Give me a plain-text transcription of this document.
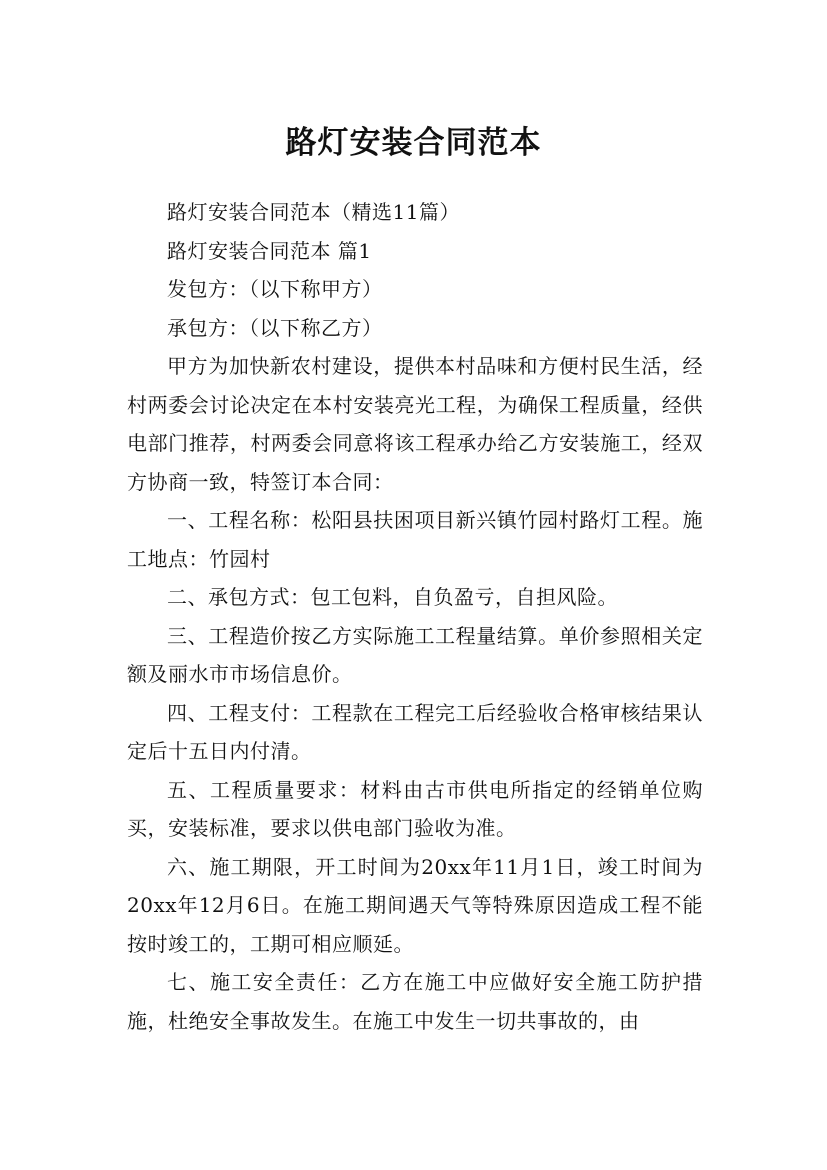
路灯安装合同范本

路灯安装合同范本（精选11篇）

路灯安装合同范本 篇1

发包方：（以下称甲方）

承包方：（以下称乙方）

甲方为加快新农村建设，提供本村品味和方便村民生活，经村两委会讨论决定在本村安装亮光工程，为确保工程质量，经供电部门推荐，村两委会同意将该工程承办给乙方安装施工，经双方协商一致，特签订本合同：

一、工程名称：松阳县扶困项目新兴镇竹园村路灯工程。施工地点：竹园村

二、承包方式：包工包料，自负盈亏，自担风险。

三、工程造价按乙方实际施工工程量结算。单价参照相关定额及丽水市市场信息价。

四、工程支付：工程款在工程完工后经验收合格审核结果认定后十五日内付清。

五、工程质量要求：材料由古市供电所指定的经销单位购买，安装标准，要求以供电部门验收为准。

六、施工期限，开工时间为20xx年11月1日，竣工时间为20xx年12月6日。在施工期间遇天气等特殊原因造成工程不能按时竣工的，工期可相应顺延。

七、施工安全责任：乙方在施工中应做好安全施工防护措施，杜绝安全事故发生。在施工中发生一切共事故的，由
